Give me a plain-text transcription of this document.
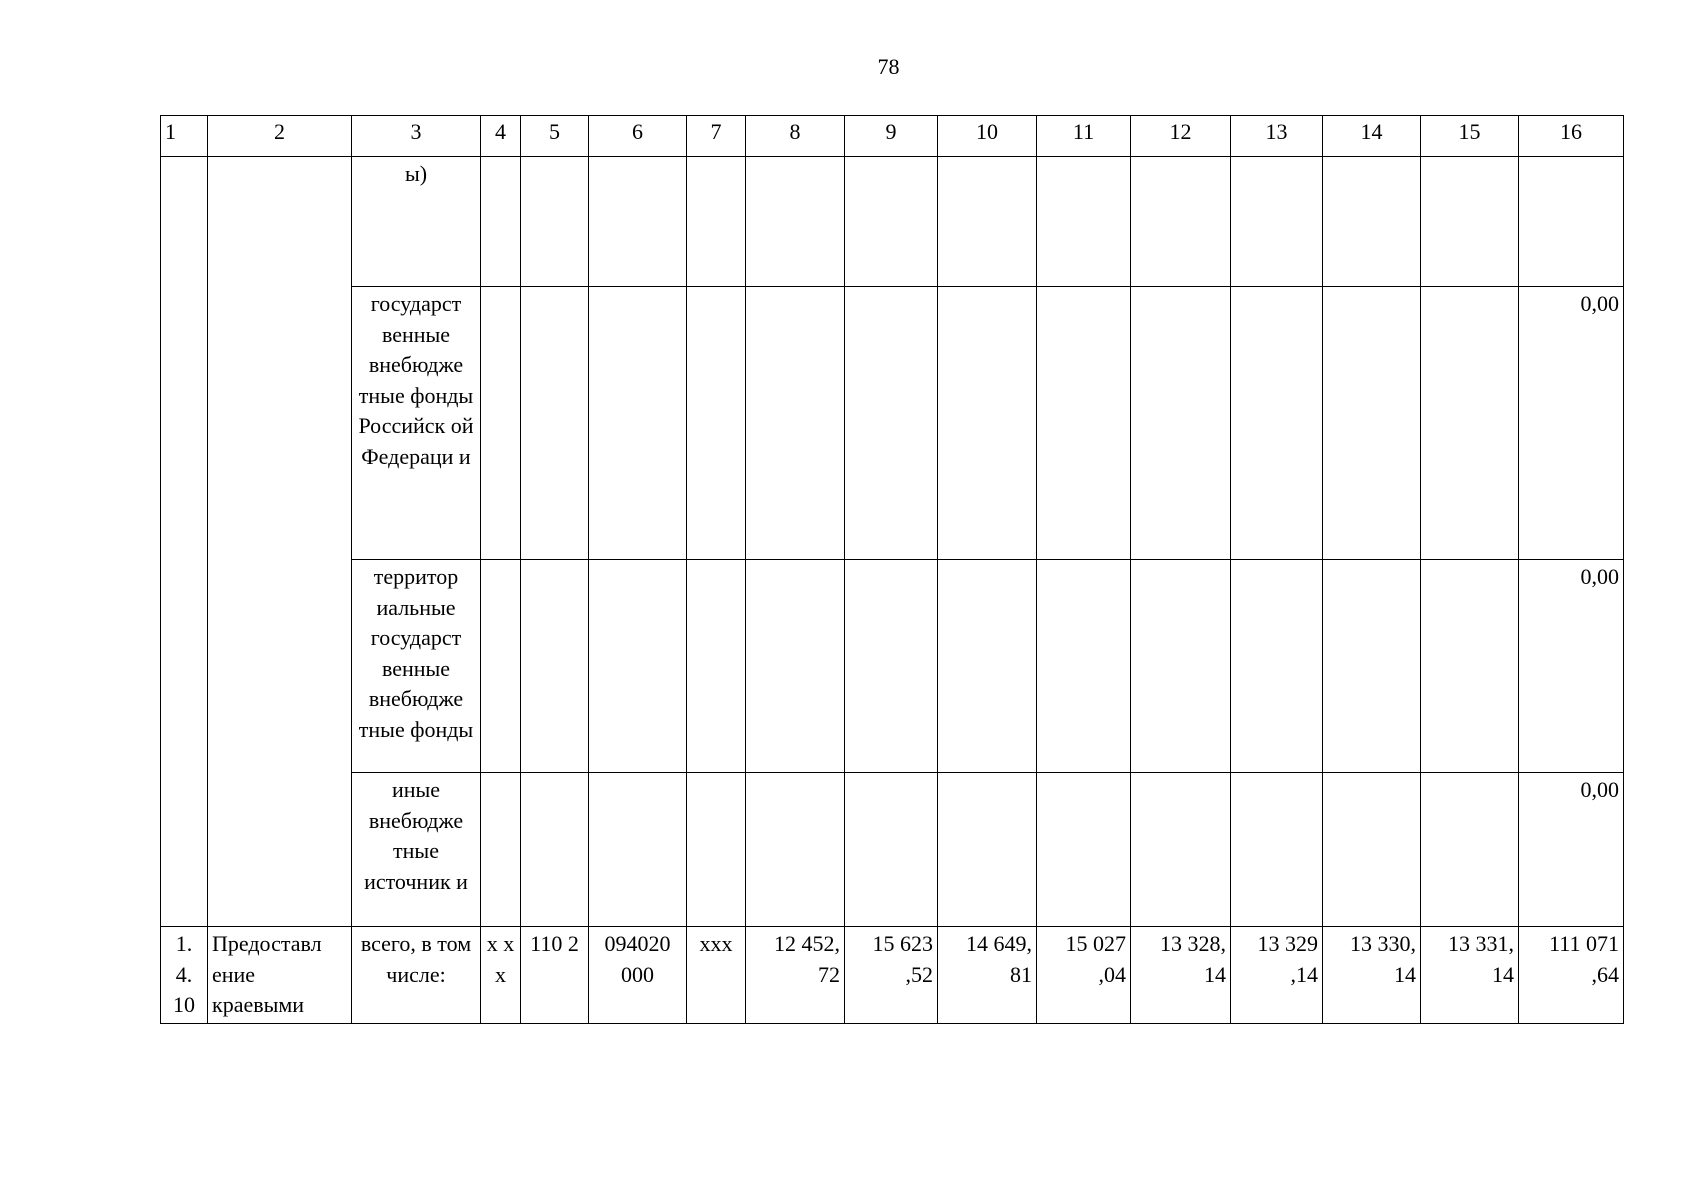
78
1	2	3	4	5	6	7	8	9	10	11	12	13	14	15	16
		ы)													
		государст венные внебюдже тные фонды Российск ой Федераци и													0,00
		территор иальные государст венные внебюдже тные фонды													0,00
		иные внебюдже тные источник и													0,00
1. 4. 10	Предоставл ение краевыми	всего, в том числе:	х х х	110 2	094020 000	ххх	12 452, 72	15 623 ,52	14 649, 81	15 027 ,04	13 328, 14	13 329 ,14	13 330, 14	13 331, 14	111 071 ,64
